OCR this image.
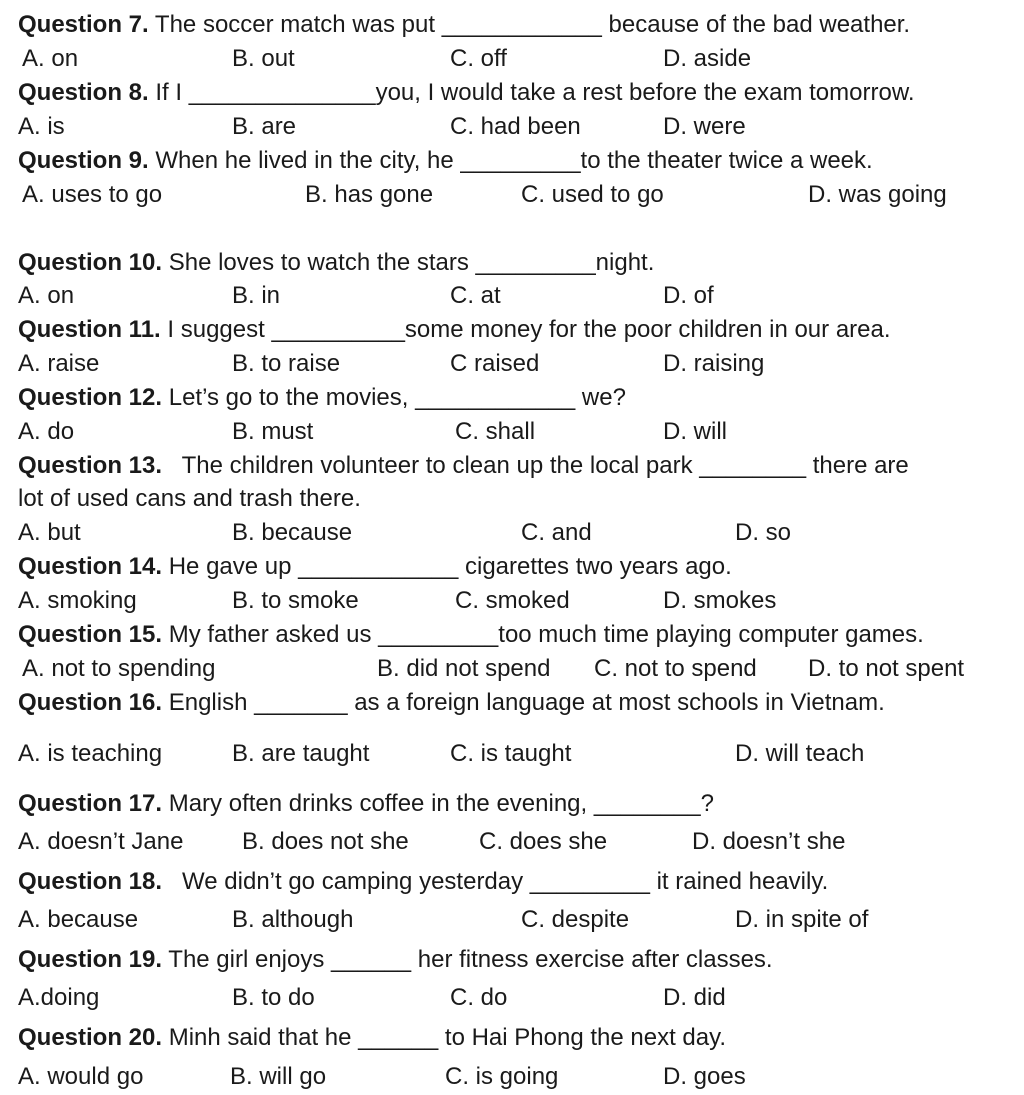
Question 7. The soccer match was put ____________ because of the bad weather.
A. on	B. out	C. off	D. aside
Question 8. If I ______________you, I would take a rest before the exam tomorrow.
A. is	B. are	C. had been	D. were
Question 9. When he lived in the city, he _________to the theater twice a week.
A. uses to go	B. has gone	C. used to go	D. was going
Question 10. She loves to watch the stars _________night.
A. on	B. in	C. at	D. of
Question 11. I suggest __________some money for the poor children in our area.
A. raise	B. to raise	C raised	D. raising
Question 12. Let’s go to the movies, ____________ we?
A. do	B. must	C. shall	D. will
Question 13.   The children volunteer to clean up the local park ________ there are
lot of used cans and trash there.
A. but	B. because	C. and	D. so
Question 14. He gave up ____________ cigarettes two years ago.
A. smoking	B. to smoke	C. smoked	D. smokes
Question 15. My father asked us _________too much time playing computer games.
A. not to spending	B. did not spend C. not to spend D. to not spent
Question 16. English _______ as a foreign language at most schools in Vietnam.
A. is teaching	B. are taught	C. is taught	D. will teach
Question 17. Mary often drinks coffee in the evening, ________?
A. doesn’t Jane B. does not she	C. does she	D. doesn’t she
Question 18.   We didn’t go camping yesterday _________ it rained heavily.
A. because	B. although	C. despite	D. in spite of
Question 19. The girl enjoys ______ her fitness exercise after classes.
A.doing	B. to do	C. do	D. did
Question 20. Minh said that he ______ to Hai Phong the next day.
A. would go	B. will go	C. is going	D. goes
